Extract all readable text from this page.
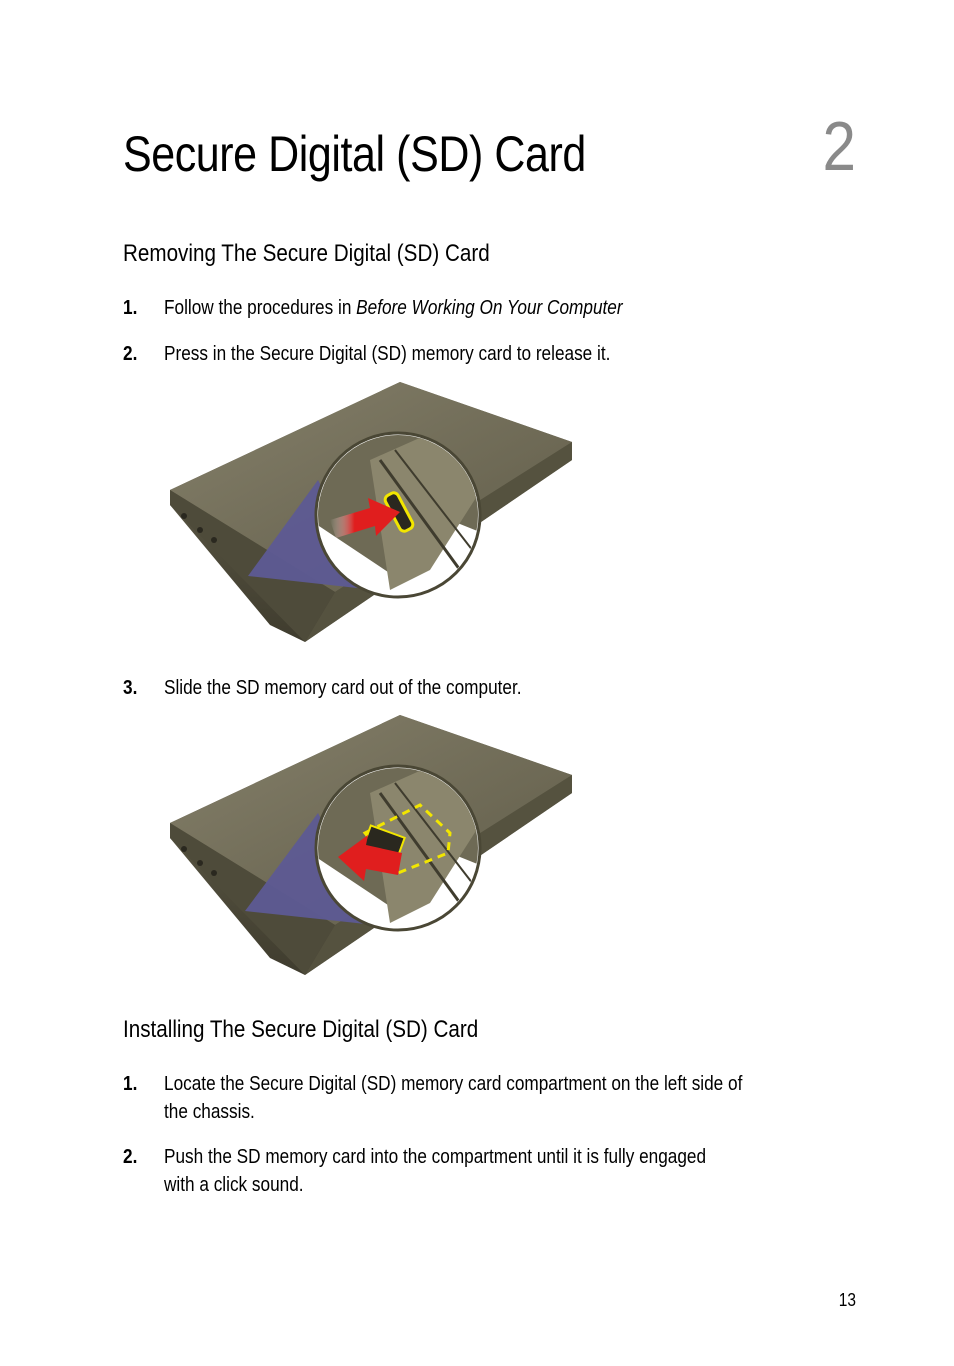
Secure Digital (SD) Card	2
Removing The Secure Digital (SD) Card
1. Follow the procedures in Before Working On Your Computer
2. Press in the Secure Digital (SD) memory card to release it.
3. Slide the SD memory card out of the computer.
Installing The Secure Digital (SD) Card
1. Locate the Secure Digital (SD) memory card compartment on the left side of
the chassis.
2. Push the SD memory card into the compartment until it is fully engaged
with a click sound.
13
